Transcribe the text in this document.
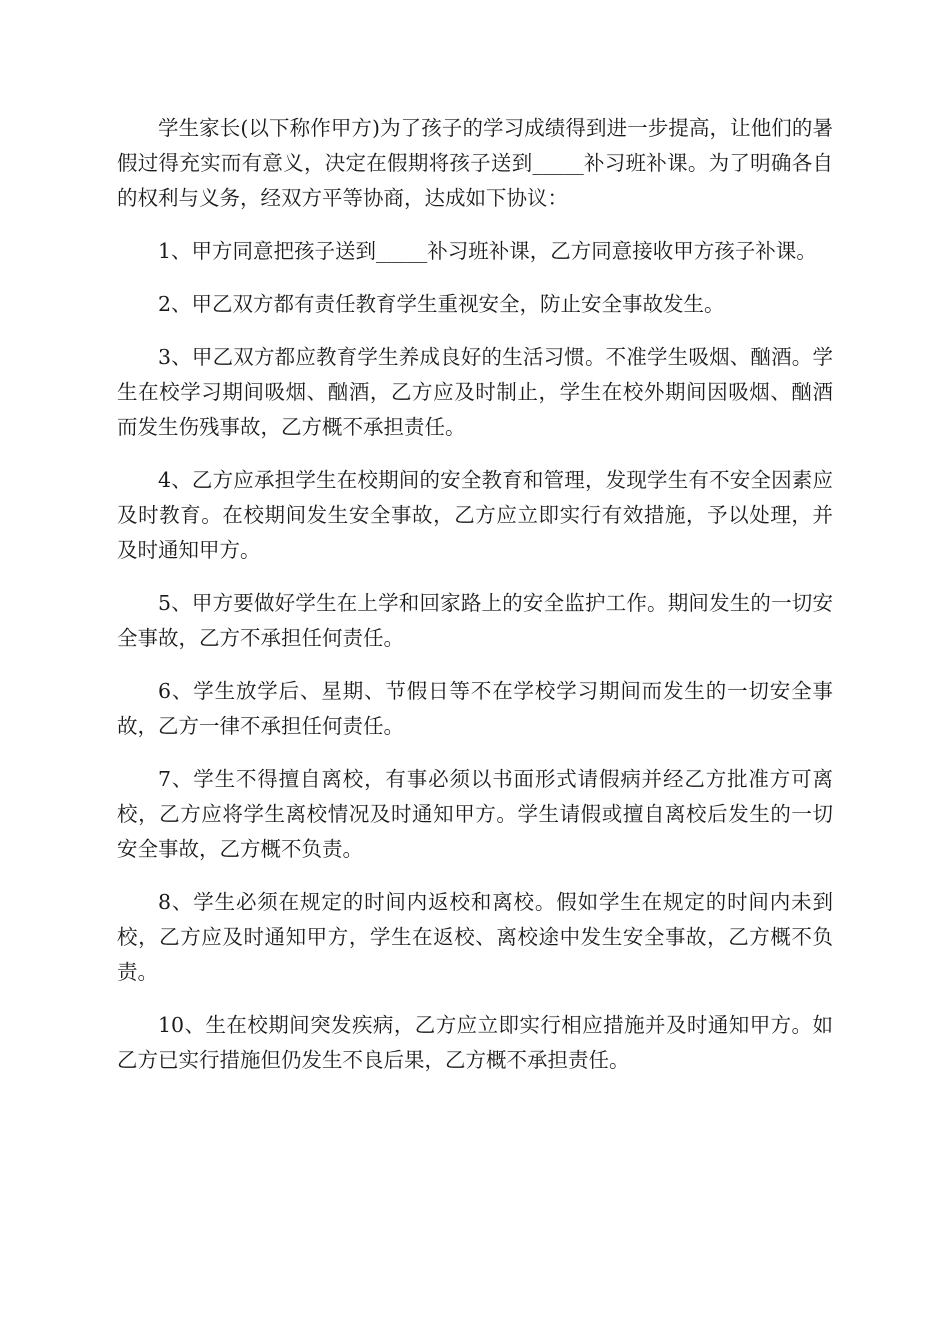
学生家长(以下称作甲方)为了孩子的学习成绩得到进一步提高，让他们的暑假过得充实而有意义，决定在假期将孩子送到_____补习班补课。为了明确各自的权利与义务，经双方平等协商，达成如下协议：

1、甲方同意把孩子送到_____补习班补课，乙方同意接收甲方孩子补课。

2、甲乙双方都有责任教育学生重视安全，防止安全事故发生。

3、甲乙双方都应教育学生养成良好的生活习惯。不准学生吸烟、酗酒。学生在校学习期间吸烟、酗酒，乙方应及时制止，学生在校外期间因吸烟、酗酒而发生伤残事故，乙方概不承担责任。

4、乙方应承担学生在校期间的安全教育和管理，发现学生有不安全因素应及时教育。在校期间发生安全事故，乙方应立即实行有效措施，予以处理，并及时通知甲方。

5、甲方要做好学生在上学和回家路上的安全监护工作。期间发生的一切安全事故，乙方不承担任何责任。

6、学生放学后、星期、节假日等不在学校学习期间而发生的一切安全事故，乙方一律不承担任何责任。

7、学生不得擅自离校，有事必须以书面形式请假病并经乙方批准方可离校，乙方应将学生离校情况及时通知甲方。学生请假或擅自离校后发生的一切安全事故，乙方概不负责。

8、学生必须在规定的时间内返校和离校。假如学生在规定的时间内未到校，乙方应及时通知甲方，学生在返校、离校途中发生安全事故，乙方概不负责。

10、生在校期间突发疾病，乙方应立即实行相应措施并及时通知甲方。如乙方已实行措施但仍发生不良后果，乙方概不承担责任。
